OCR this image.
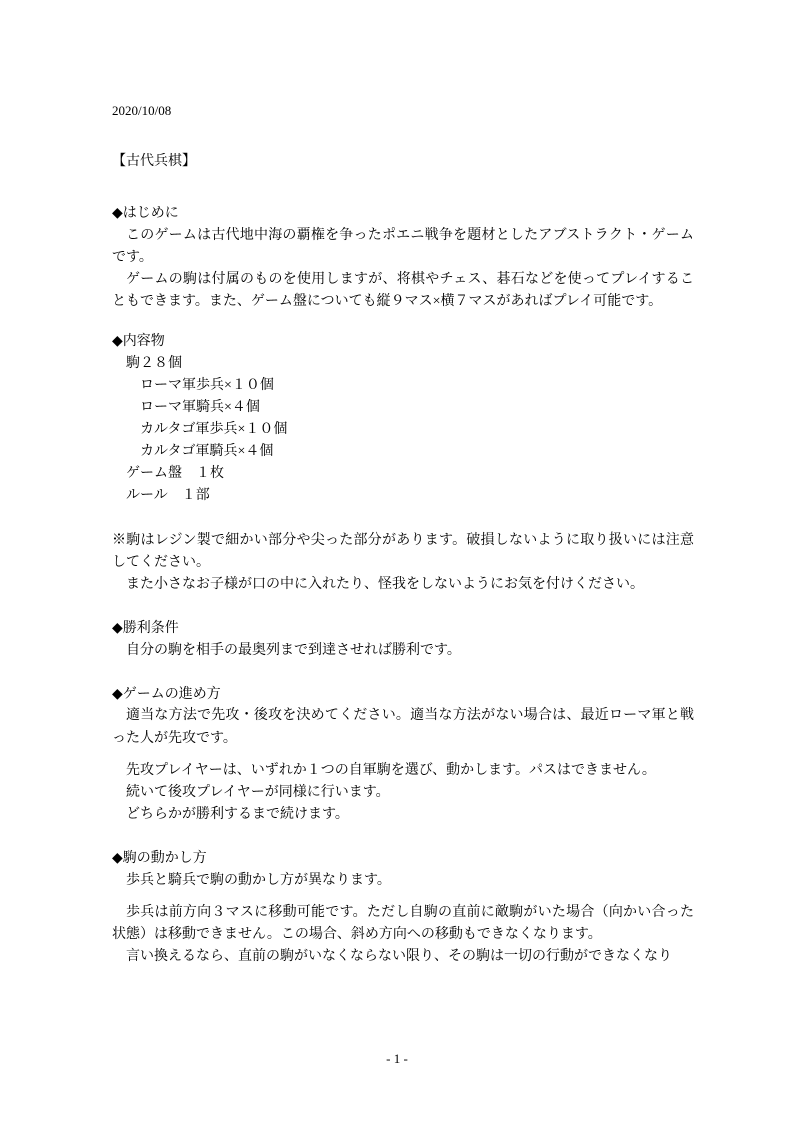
2020/10/08
【古代兵棋】
◆はじめに

このゲームは古代地中海の覇権を争ったポエニ戦争を題材としたアブストラクト・ゲームです。

ゲームの駒は付属のものを使用しますが、将棋やチェス、碁石などを使ってプレイすることもできます。また、ゲーム盤についても縦９マス×横７マスがあればプレイ可能です。

◆内容物

駒２８個

ローマ軍歩兵×１０個

ローマ軍騎兵×４個

カルタゴ軍歩兵×１０個

カルタゴ軍騎兵×４個

ゲーム盤　１枚

ルール　１部

※駒はレジン製で細かい部分や尖った部分があります。破損しないように取り扱いには注意してください。

また小さなお子様が口の中に入れたり、怪我をしないようにお気を付けください。

◆勝利条件

自分の駒を相手の最奥列まで到達させれば勝利です。

◆ゲームの進め方

適当な方法で先攻・後攻を決めてください。適当な方法がない場合は、最近ローマ軍と戦った人が先攻です。

先攻プレイヤーは、いずれか１つの自軍駒を選び、動かします。パスはできません。

続いて後攻プレイヤーが同様に行います。

どちらかが勝利するまで続けます。

◆駒の動かし方

歩兵と騎兵で駒の動かし方が異なります。

歩兵は前方向３マスに移動可能です。ただし自駒の直前に敵駒がいた場合（向かい合った状態）は移動できません。この場合、斜め方向への移動もできなくなります。

言い換えるなら、直前の駒がいなくならない限り、その駒は一切の行動ができなくなり

- 1 -
